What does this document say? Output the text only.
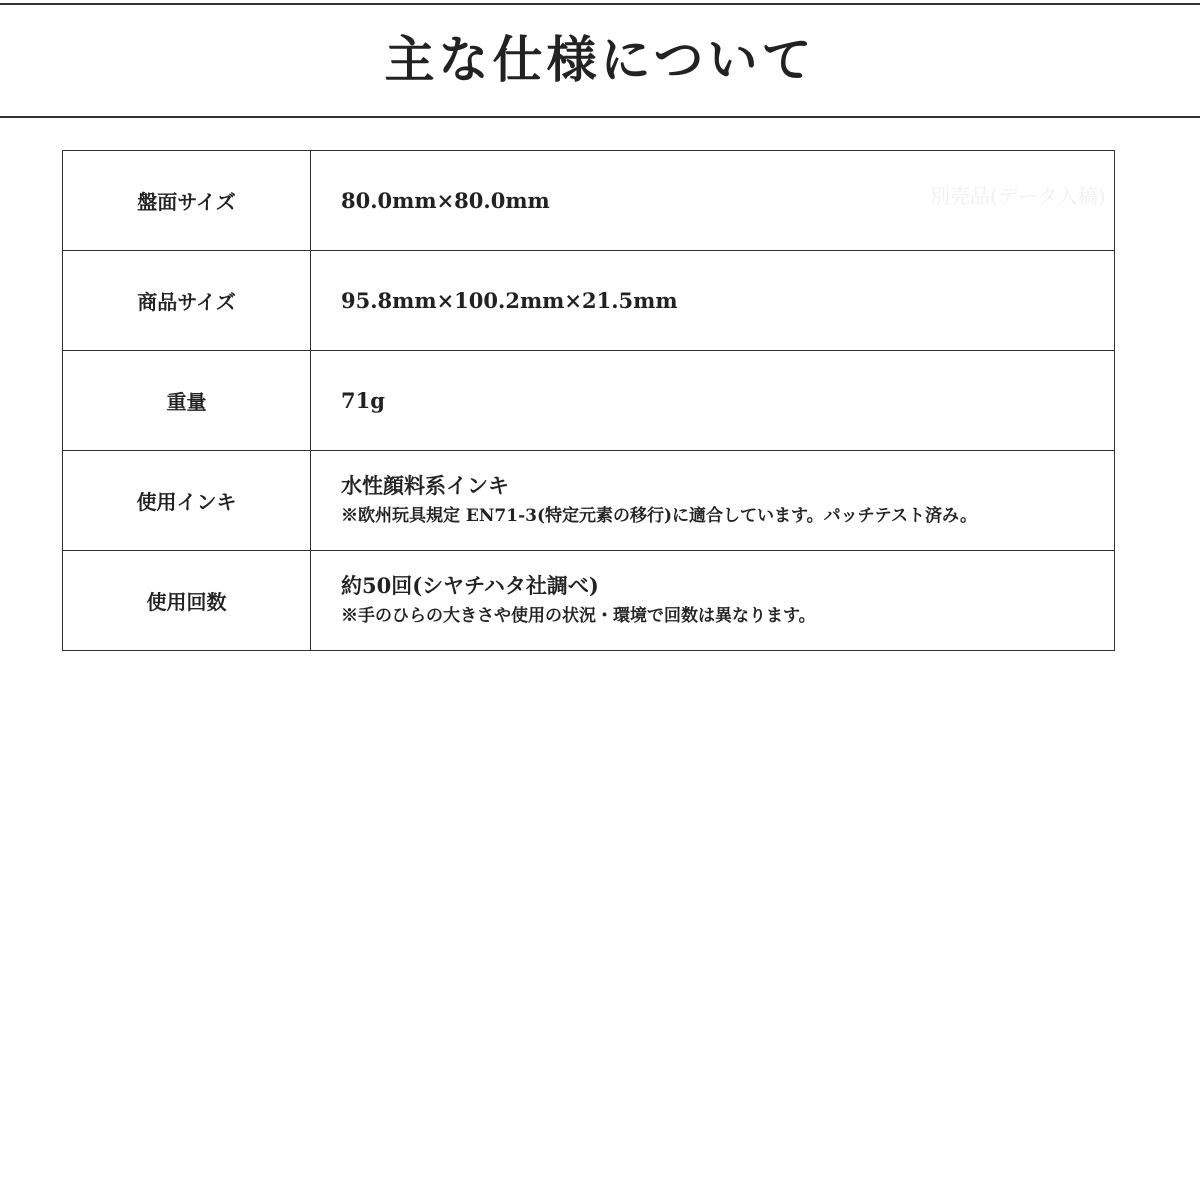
主な仕様について
別売品(データ入稿)
盤面サイズ	80.0mm×80.0mm

商品サイズ	95.8mm×100.2mm×21.5mm

重量	71g

使用インキ	水性顔料系インキ
※欧州玩具規定 EN71-3(特定元素の移行)に適合しています。パッチテスト済み。

使用回数	約50回(シヤチハタ社調べ)
※手のひらの大きさや使用の状況・環境で回数は異なります。
